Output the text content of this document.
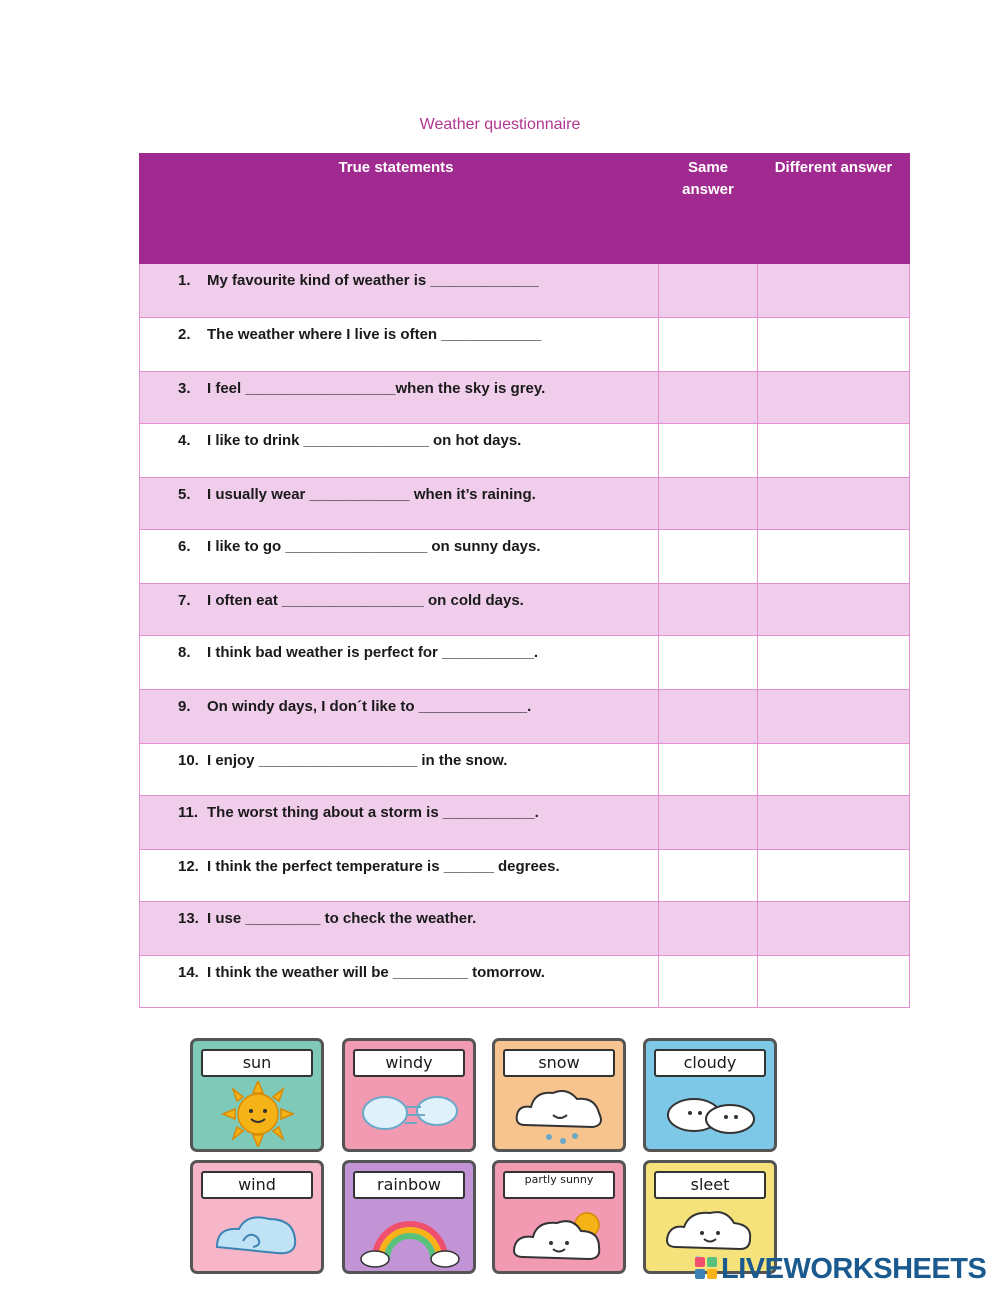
Weather questionnaire
True statements	Same answer	Different answer
1. My favourite kind of weather is _____________		
2. The weather where I live is often ____________		
3. I feel __________________when the sky is grey.		
4. I like to drink _______________ on hot days.		
5. I usually wear ____________ when it’s raining.		
6. I like to go _________________ on sunny days.		
7. I often eat _________________ on cold days.		
8. I think bad weather is perfect for ___________.		
9. On windy days, I don´t like to _____________.		
10. I enjoy ___________________ in the snow.		
11. The worst thing about a storm is ___________.		
12. I think the perfect temperature is ______ degrees.		
13. I use _________ to check the weather.		
14. I think the weather will be _________ tomorrow.		
sun	windy	snow	cloudy
wind	rainbow	partly sunny	sleet
LIVEWORKSHEETS
